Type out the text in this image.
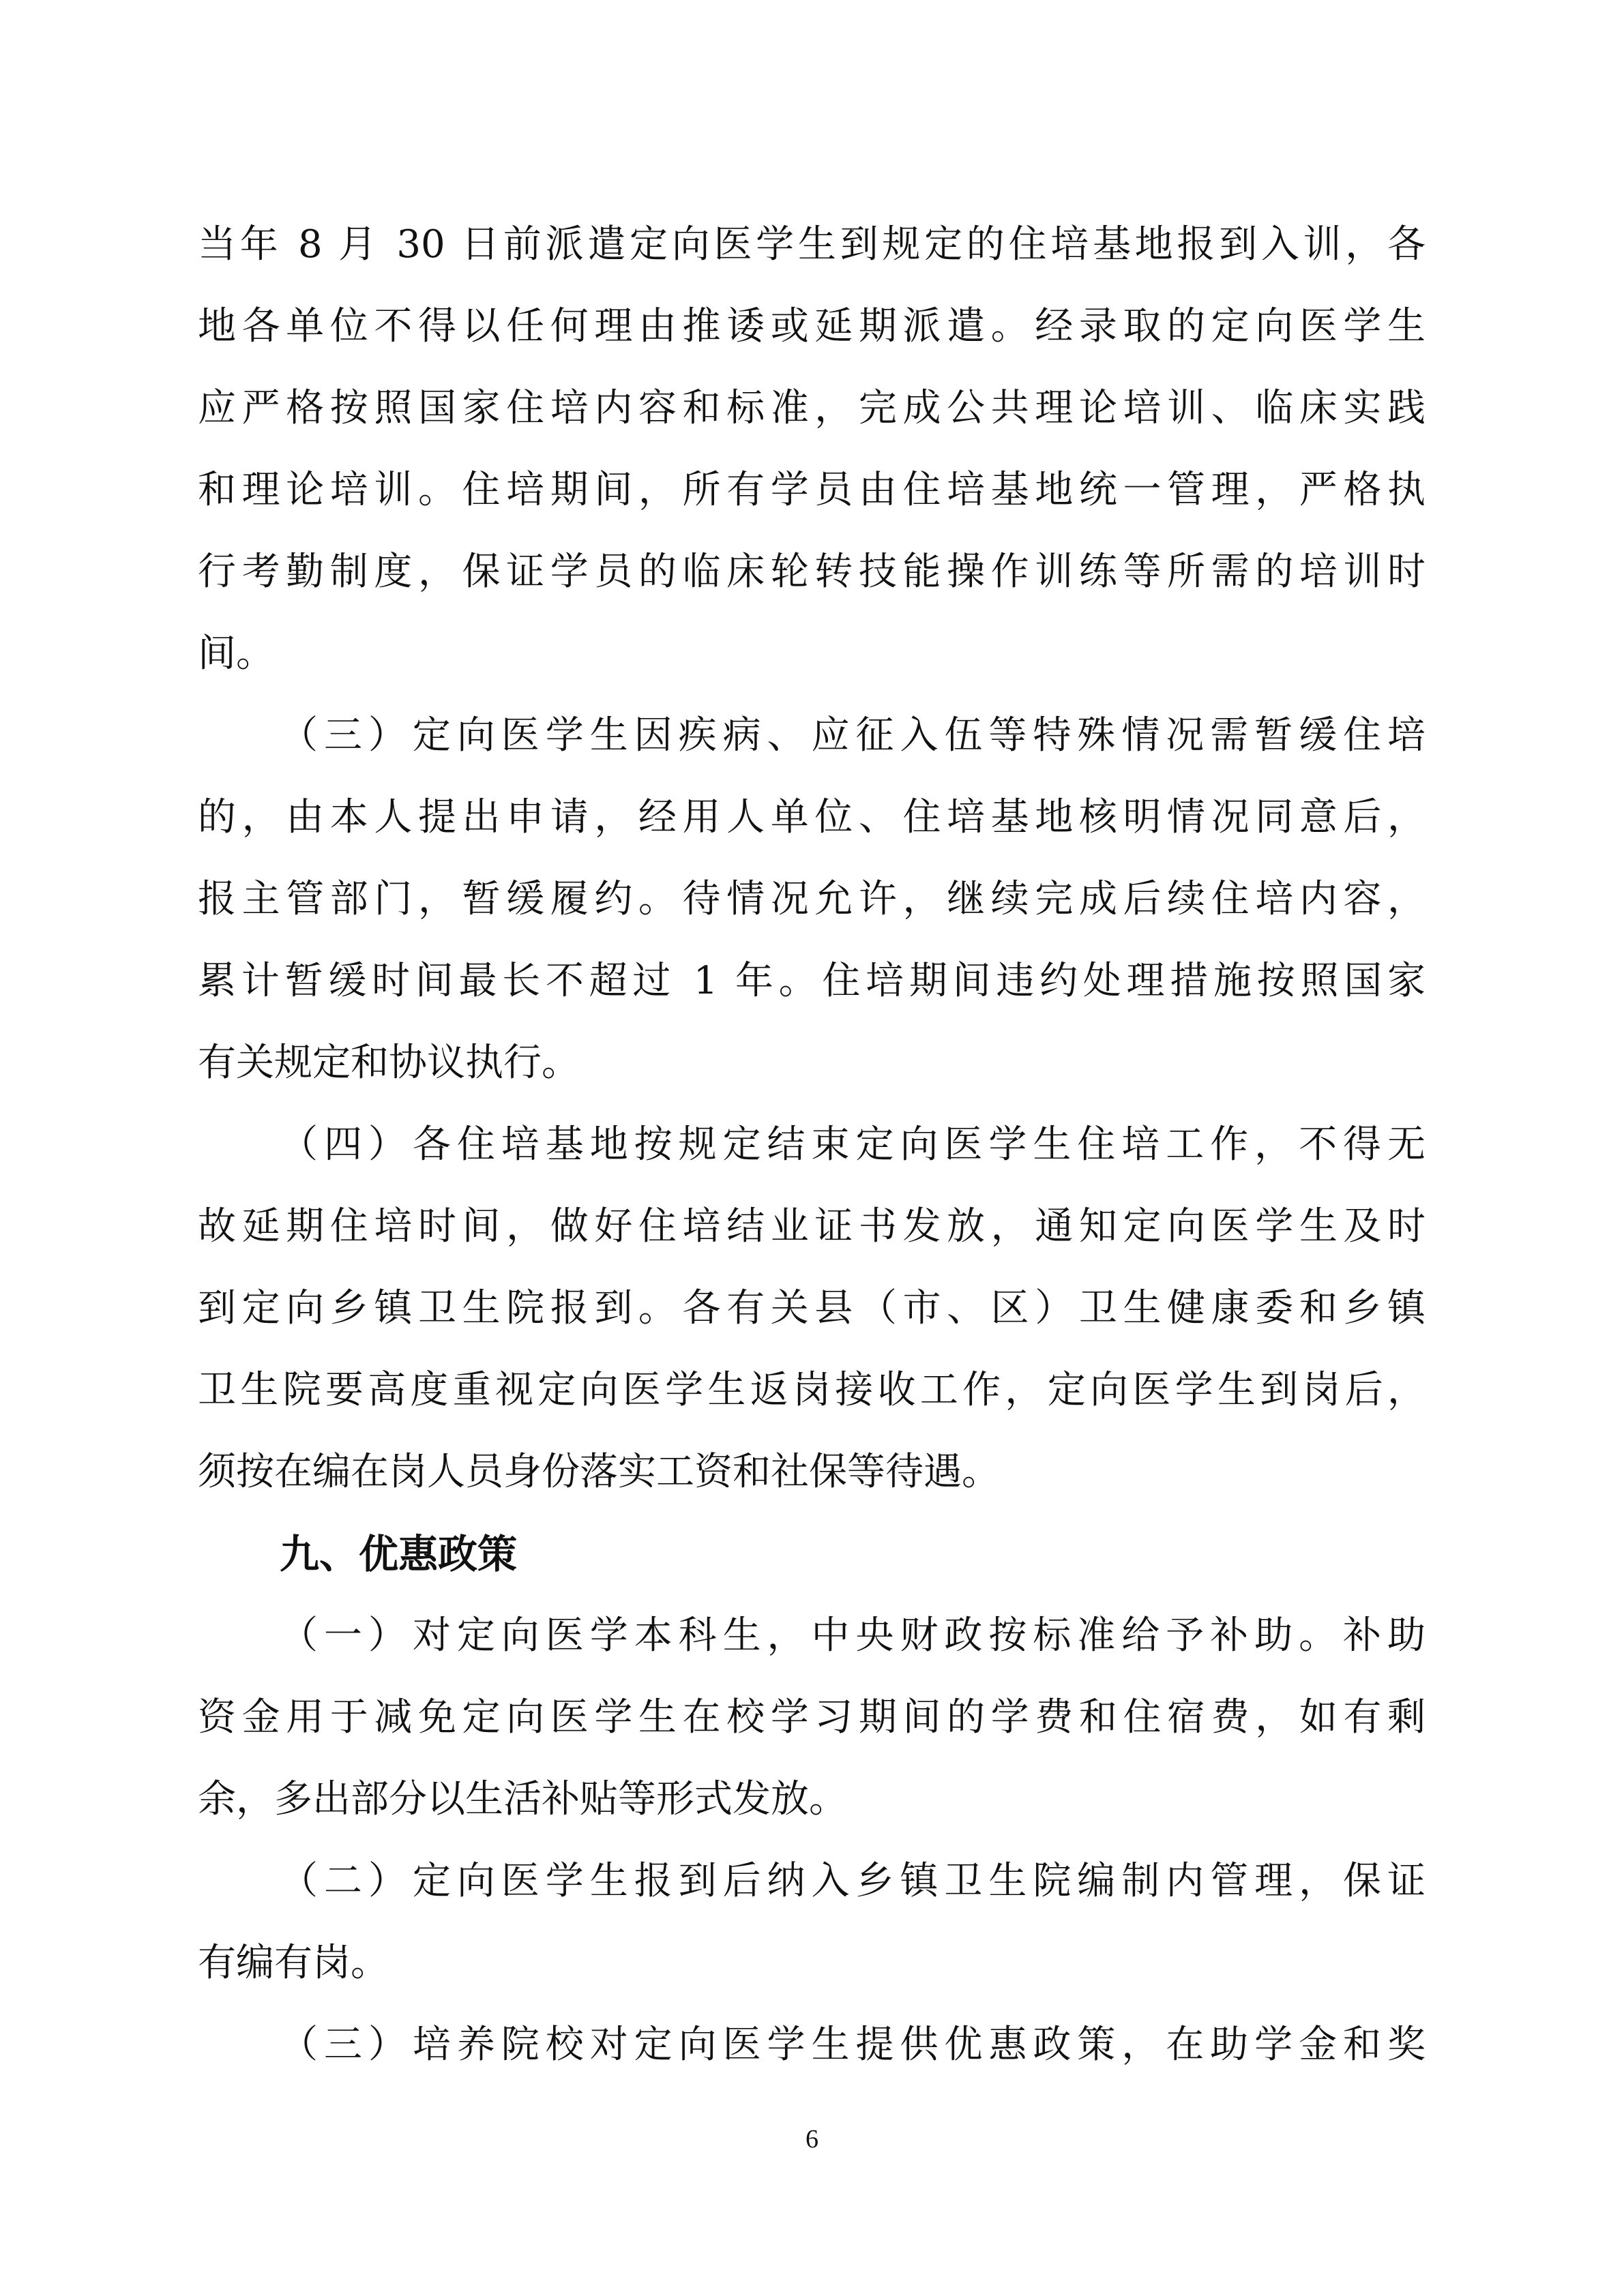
当年 8 月 30 日前派遣定向医学生到规定的住培基地报到入训，各
地各单位不得以任何理由推诿或延期派遣。经录取的定向医学生
应严格按照国家住培内容和标准，完成公共理论培训、临床实践
和理论培训。住培期间，所有学员由住培基地统一管理，严格执
行考勤制度，保证学员的临床轮转技能操作训练等所需的培训时
间。
（三）定向医学生因疾病、应征入伍等特殊情况需暂缓住培
的，由本人提出申请，经用人单位、住培基地核明情况同意后，
报主管部门，暂缓履约。待情况允许，继续完成后续住培内容，
累计暂缓时间最长不超过 1 年。住培期间违约处理措施按照国家
有关规定和协议执行。
（四）各住培基地按规定结束定向医学生住培工作，不得无
故延期住培时间，做好住培结业证书发放，通知定向医学生及时
到定向乡镇卫生院报到。各有关县（市、区）卫生健康委和乡镇
卫生院要高度重视定向医学生返岗接收工作，定向医学生到岗后，
须按在编在岗人员身份落实工资和社保等待遇。
九、优惠政策
（一）对定向医学本科生，中央财政按标准给予补助。补助
资金用于减免定向医学生在校学习期间的学费和住宿费，如有剩
余，多出部分以生活补贴等形式发放。
（二）定向医学生报到后纳入乡镇卫生院编制内管理，保证
有编有岗。
（三）培养院校对定向医学生提供优惠政策，在助学金和奖
6
